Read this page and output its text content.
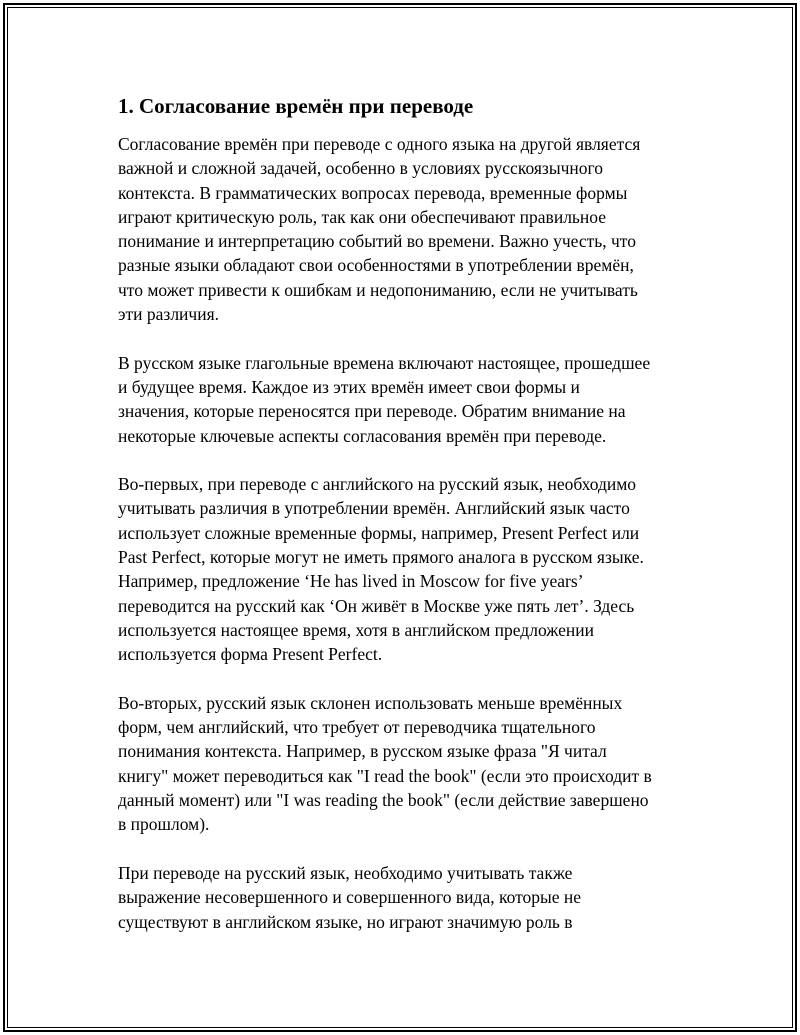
1. Согласование времён при переводе

Согласование времён при переводе с одного языка на другой является
важной и сложной задачей, особенно в условиях русскоязычного
контекста. В грамматических вопросах перевода, временные формы
играют критическую роль, так как они обеспечивают правильное
понимание и интерпретацию событий во времени. Важно учесть, что
разные языки обладают свои особенностями в употреблении времён,
что может привести к ошибкам и недопониманию, если не учитывать
эти различия.

В русском языке глагольные времена включают настоящее, прошедшее
и будущее время. Каждое из этих времён имеет свои формы и
значения, которые переносятся при переводе. Обратим внимание на
некоторые ключевые аспекты согласования времён при переводе.

Во-первых, при переводе с английского на русский язык, необходимо
учитывать различия в употреблении времён. Английский язык часто
использует сложные временные формы, например, Present Perfect или
Past Perfect, которые могут не иметь прямого аналога в русском языке.
Например, предложение ‘He has lived in Moscow for five years’
переводится на русский как ‘Он живёт в Москве уже пять лет’. Здесь
используется настоящее время, хотя в английском предложении
используется форма Present Perfect.

Во-вторых, русский язык склонен использовать меньше времённых
форм, чем английский, что требует от переводчика тщательного
понимания контекста. Например, в русском языке фраза "Я читал
книгу" может переводиться как "I read the book" (если это происходит в
данный момент) или "I was reading the book" (если действие завершено
в прошлом).

При переводе на русский язык, необходимо учитывать также
выражение несовершенного и совершенного вида, которые не
существуют в английском языке, но играют значимую роль в
